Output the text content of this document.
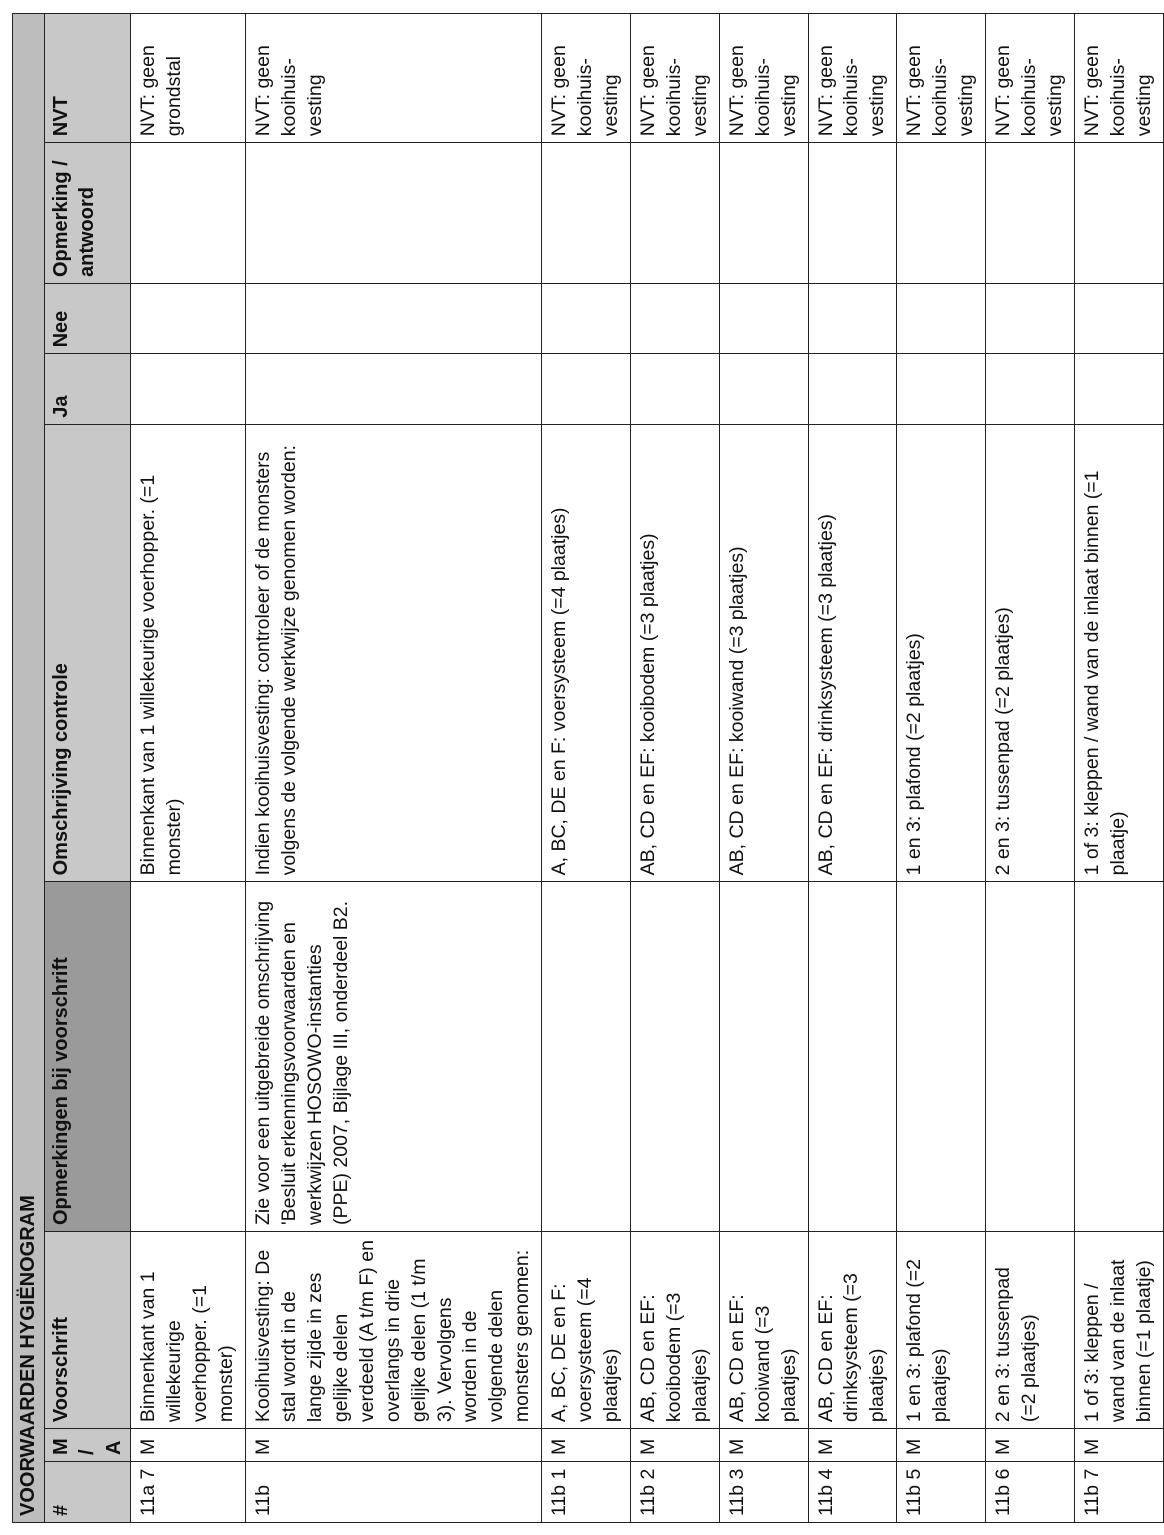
VOORWAARDEN HYGIËNOGRAM								
#	M/A	Voorschrift	Opmerkingen bij voorschrift	Omschrijving controle	Ja	Nee	Opmerking / antwoord	NVT
11a 7	M	Binnenkant van 1 willekeurige voerhopper. (=1 monster)		Binnenkant van 1 willekeurige voerhopper. (=1 monster)				NVT: geen grondstal
11b	M	Kooihuisvesting: De stal wordt in de lange zijde in zes gelijke delen verdeeld (A t/m F) en overlangs in drie gelijke delen (1 t/m 3). Vervolgens worden in de volgende delen monsters genomen:	Zie voor een uitgebreide omschrijving 'Besluit erkenningsvoorwaarden en werkwijzen HOSOWO-instanties (PPE) 2007, Bijlage III, onderdeel B2.	Indien kooihuisvesting: controleer of de monsters volgens de volgende werkwijze genomen worden:				NVT: geen kooihuis-vesting
11b 1	M	A, BC, DE en F: voersysteem (=4 plaatjes)		A, BC, DE en F: voersysteem (=4 plaatjes)				NVT: geen kooihuis-vesting
11b 2	M	AB, CD en EF: kooibodem (=3 plaatjes)		AB, CD en EF: kooibodem (=3 plaatjes)				NVT: geen kooihuis-vesting
11b 3	M	AB, CD en EF: kooiwand (=3 plaatjes)		AB, CD en EF: kooiwand (=3 plaatjes)				NVT: geen kooihuis-vesting
11b 4	M	AB, CD en EF: drinksysteem (=3 plaatjes)		AB, CD en EF: drinksysteem (=3 plaatjes)				NVT: geen kooihuis-vesting
11b 5	M	1 en 3: plafond (=2 plaatjes)		1 en 3: plafond (=2 plaatjes)				NVT: geen kooihuis-vesting
11b 6	M	2 en 3: tussenpad (=2 plaatjes)		2 en 3: tussenpad (=2 plaatjes)				NVT: geen kooihuis-vesting
11b 7	M	1 of 3: kleppen / wand van de inlaat binnen (=1 plaatje)		1 of 3: kleppen / wand van de inlaat binnen (=1 plaatje)				NVT: geen kooihuis-vesting
